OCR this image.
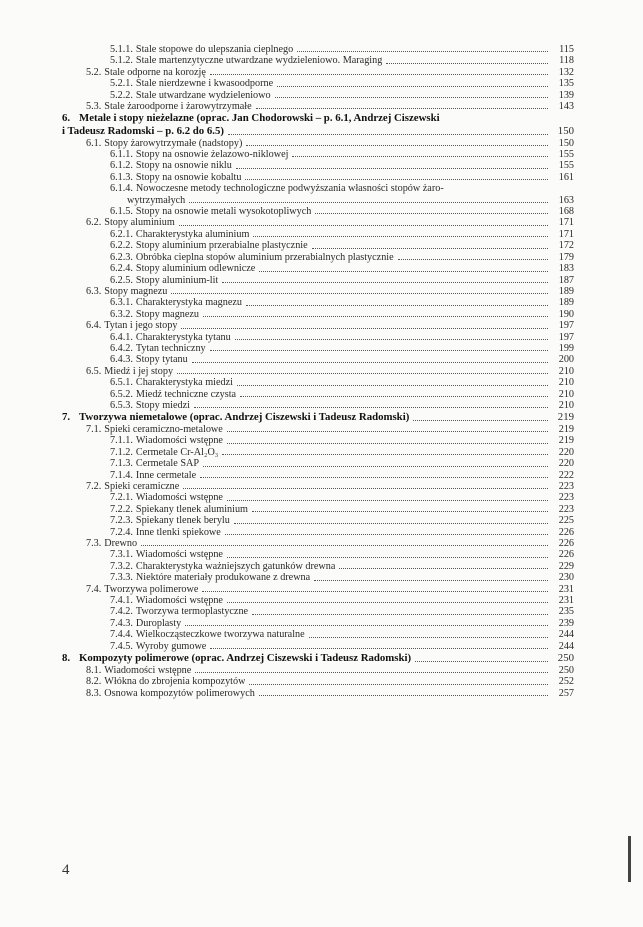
5.1.1. Stale stopowe do ulepszania cieplnego	115
5.1.2. Stale martenzytyczne utwardzane wydzieleniowo. Maraging	118
5.2. Stale odporne na korozję	132
5.2.1. Stale nierdzewne i kwasoodporne	135
5.2.2. Stale utwardzane wydzieleniowo	139
5.3. Stale żaroodporne i żarowytrzymałe	143
6. Metale i stopy nieżelazne (oprac. Jan Chodorowski – p. 6.1, Andrzej Ciszewski
i Tadeusz Radomski – p. 6.2 do 6.5)	150
6.1. Stopy żarowytrzymałe (nadstopy)	150
6.1.1. Stopy na osnowie żelazowo-niklowej	155
6.1.2. Stopy na osnowie niklu	155
6.1.3. Stopy na osnowie kobaltu	161
6.1.4. Nowoczesne metody technologiczne podwyższania własności stopów żaro-
wytrzymałych	163
6.1.5. Stopy na osnowie metali wysokotopliwych	168
6.2. Stopy aluminium	171
6.2.1. Charakterystyka aluminium	171
6.2.2. Stopy aluminium przerabialne plastycznie	172
6.2.3. Obróbka cieplna stopów aluminium przerabialnych plastycznie	179
6.2.4. Stopy aluminium odlewnicze	183
6.2.5. Stopy aluminium-lit	187
6.3. Stopy magnezu	189
6.3.1. Charakterystyka magnezu	189
6.3.2. Stopy magnezu	190
6.4. Tytan i jego stopy	197
6.4.1. Charakterystyka tytanu	197
6.4.2. Tytan techniczny	199
6.4.3. Stopy tytanu	200
6.5. Miedź i jej stopy	210
6.5.1. Charakterystyka miedzi	210
6.5.2. Miedź techniczne czysta	210
6.5.3. Stopy miedzi	210
7. Tworzywa niemetalowe (oprac. Andrzej Ciszewski i Tadeusz Radomski)	219
7.1. Spieki ceramiczno-metalowe	219
7.1.1. Wiadomości wstępne	219
7.1.2. Cermetale Cr-Al₂O₃	220
7.1.3. Cermetale SAP	220
7.1.4. Inne cermetale	222
7.2. Spieki ceramiczne	223
7.2.1. Wiadomości wstępne	223
7.2.2. Spiekany tlenek aluminium	223
7.2.3. Spiekany tlenek berylu	225
7.2.4. Inne tlenki spiekowe	226
7.3. Drewno	226
7.3.1. Wiadomości wstępne	226
7.3.2. Charakterystyka ważniejszych gatunków drewna	229
7.3.3. Niektóre materiały produkowane z drewna	230
7.4. Tworzywa polimerowe	231
7.4.1. Wiadomości wstępne	231
7.4.2. Tworzywa termoplastyczne	235
7.4.3. Duroplasty	239
7.4.4. Wielkocząsteczkowe tworzywa naturalne	244
7.4.5. Wyroby gumowe	244
8. Kompozyty polimerowe (oprac. Andrzej Ciszewski i Tadeusz Radomski)	250
8.1. Wiadomości wstępne	250
8.2. Włókna do zbrojenia kompozytów	252
8.3. Osnowa kompozytów polimerowych	257
4
